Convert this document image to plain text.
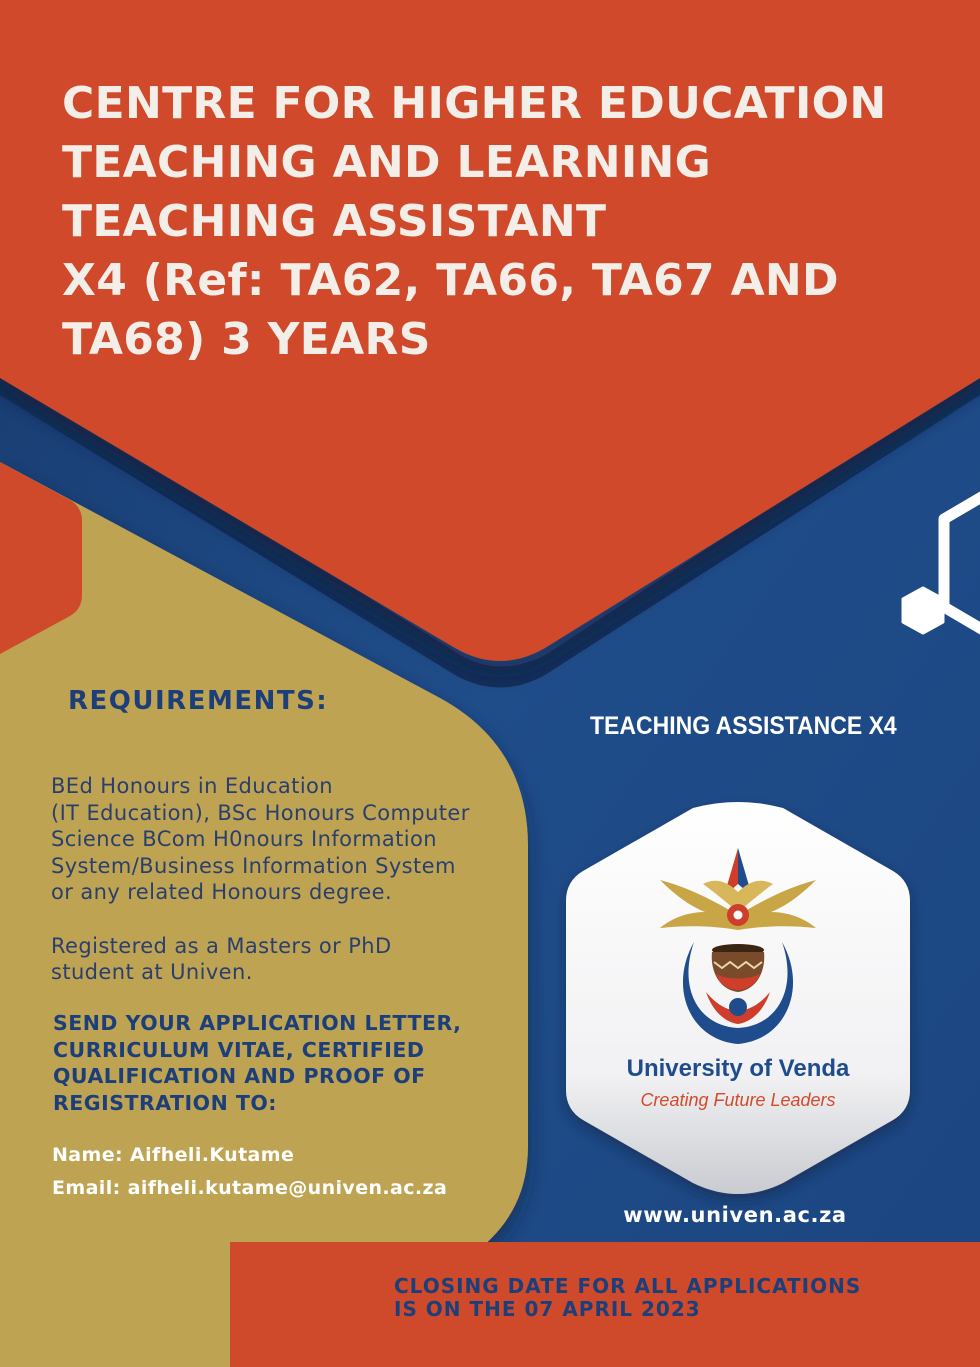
CENTRE FOR HIGHER EDUCATION
TEACHING AND LEARNING
TEACHING ASSISTANT
X4 (Ref: TA62, TA66, TA67 AND
TA68) 3 YEARS
REQUIREMENTS:

BEd Honours in Education
(IT Education), BSc Honours Computer
Science BCom H0nours Information
System/Business Information System
or any related Honours degree.

Registered as a Masters or PhD
student at Univen.

SEND YOUR APPLICATION LETTER,
CURRICULUM VITAE, CERTIFIED
QUALIFICATION AND PROOF OF
REGISTRATION TO:
Name: Aifheli.Kutame
Email: aifheli.kutame@univen.ac.za
TEACHING ASSISTANCE X4
University of Venda
Creating Future Leaders
www.univen.ac.za
CLOSING DATE FOR ALL APPLICATIONS
IS ON THE 07 APRIL 2023
